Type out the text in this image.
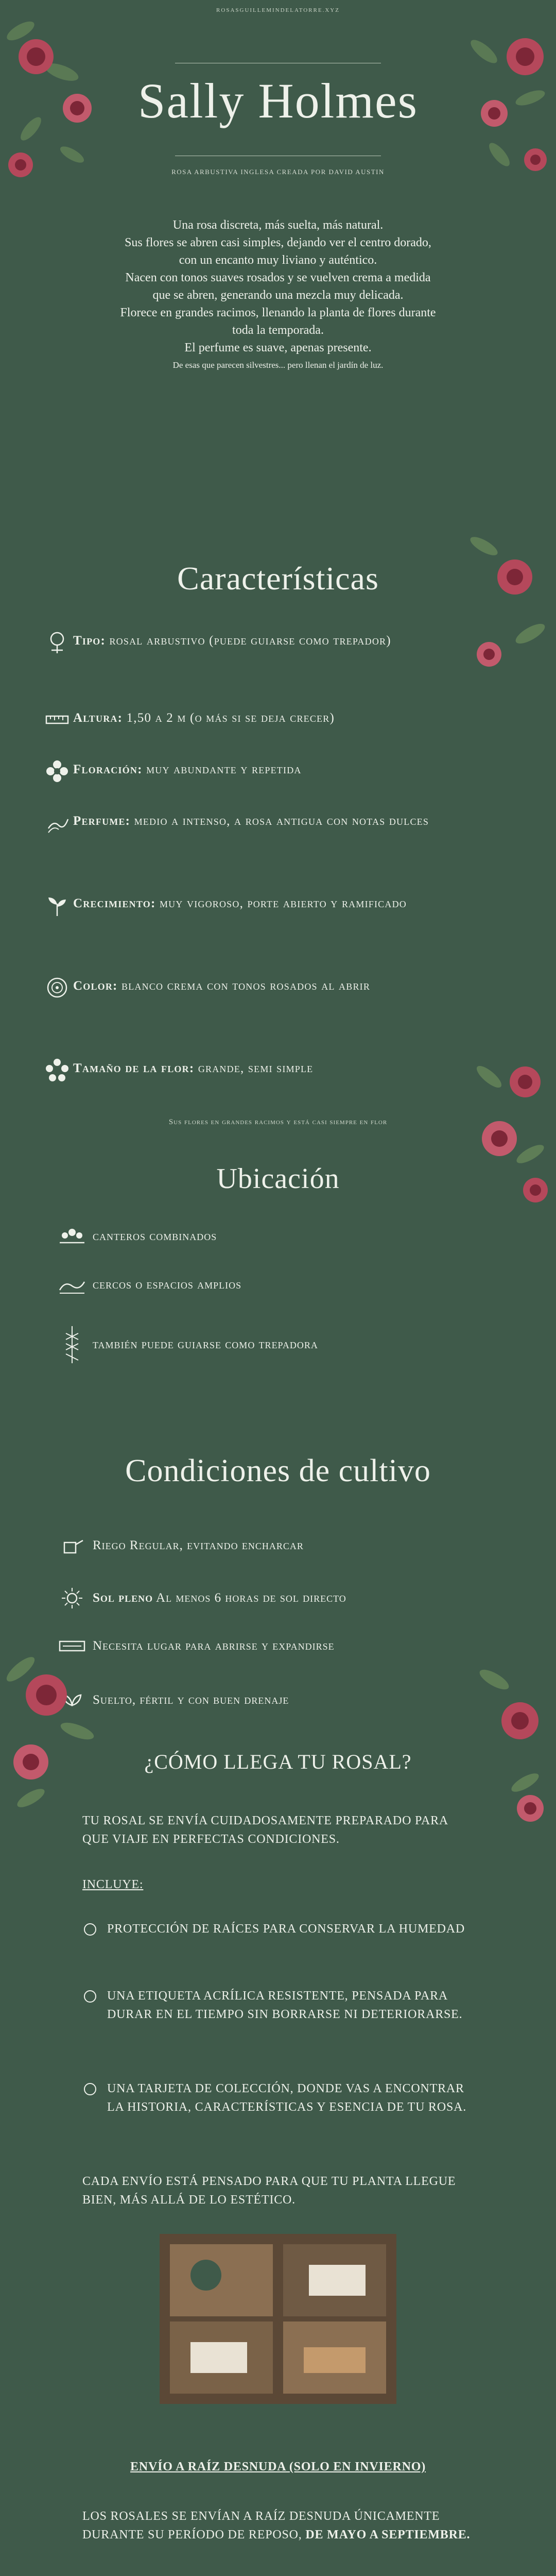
ROSASGUILLEMINDELATORRE.XYZ
Sally Holmes
ROSA ARBUSTIVA INGLESA CREADA POR DAVID AUSTIN

Una rosa discreta, más suelta, más natural.

Sus flores se abren casi simples, dejando ver el centro dorado,

con un encanto muy liviano y auténtico.

Nacen con tonos suaves rosados y se vuelven crema a medida

que se abren, generando una mezcla muy delicada.

Florece en grandes racimos, llenando la planta de flores durante

toda la temporada.

El perfume es suave, apenas presente.

De esas que parecen silvestres... pero llenan el jardín de luz.

Características
Tipo: rosal arbustivo (puede guiarse como trepador)
Altura: 1,50 a 2 m (o más si se deja crecer)
Floración: muy abundante y repetida
Perfume: medio a intenso, a rosa antigua con notas dulces
Crecimiento: muy vigoroso, porte abierto y ramificado
Color: blanco crema con tonos rosados al abrir
Tamaño de la flor: grande, semi simple
Sus flores en grandes racimos y está casi siempre en flor
Ubicación
canteros combinados
cercos o espacios amplios
también puede guiarse como trepadora
Condiciones de cultivo
Riego Regular, evitando encharcar
Sol pleno Al menos 6 horas de sol directo
Necesita lugar para abrirse y expandirse
Suelto, fértil y con buen drenaje
¿CÓMO LLEGA TU ROSAL?
TU ROSAL SE ENVÍA CUIDADOSAMENTE PREPARADO PARA QUE VIAJE EN PERFECTAS CONDICIONES.
INCLUYE:
PROTECCIÓN DE RAÍCES PARA CONSERVAR LA HUMEDAD
UNA ETIQUETA ACRÍLICA RESISTENTE, PENSADA PARA DURAR EN EL TIEMPO SIN BORRARSE NI DETERIORARSE.
UNA TARJETA DE COLECCIÓN, DONDE VAS A ENCONTRAR LA HISTORIA, CARACTERÍSTICAS Y ESENCIA DE TU ROSA.
CADA ENVÍO ESTÁ PENSADO PARA QUE TU PLANTA LLEGUE BIEN, MÁS ALLÁ DE LO ESTÉTICO.
ENVÍO A RAÍZ DESNUDA (SOLO EN INVIERNO)
LOS ROSALES SE ENVÍAN A RAÍZ DESNUDA ÚNICAMENTE DURANTE SU PERÍODO DE REPOSO, DE MAYO A SEPTIEMBRE.
